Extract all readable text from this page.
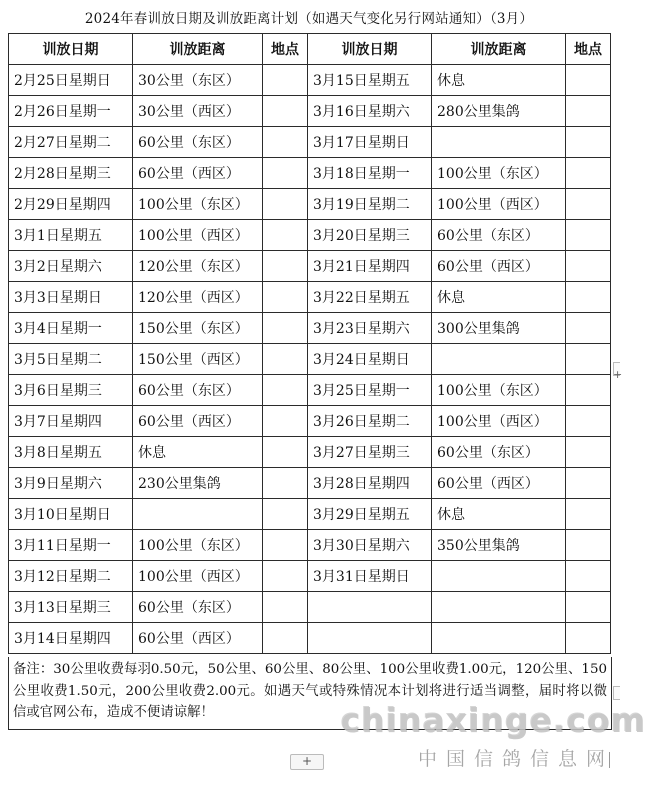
2024年春训放日期及训放距离计划（如遇天气变化另行网站通知）（3月）
训放日期	训放距离	地点	训放日期	训放距离	地点
2月25日星期日	30公里（东区）		3月15日星期五	休息	
2月26日星期一	30公里（西区）		3月16日星期六	280公里集鸽	
2月27日星期二	60公里（东区）		3月17日星期日		
2月28日星期三	60公里（西区）		3月18日星期一	100公里（东区）	
2月29日星期四	100公里（东区）		3月19日星期二	100公里（西区）	
3月1日星期五	100公里（西区）		3月20日星期三	60公里（东区）	
3月2日星期六	120公里（东区）		3月21日星期四	60公里（西区）	
3月3日星期日	120公里（西区）		3月22日星期五	休息	
3月4日星期一	150公里（东区）		3月23日星期六	300公里集鸽	
3月5日星期二	150公里（西区）		3月24日星期日		
3月6日星期三	60公里（东区）		3月25日星期一	100公里（东区）	
3月7日星期四	60公里（西区）		3月26日星期二	100公里（西区）	
3月8日星期五	休息		3月27日星期三	60公里（东区）	
3月9日星期六	230公里集鸽		3月28日星期四	60公里（西区）	
3月10日星期日			3月29日星期五	休息	
3月11日星期一	100公里（东区）		3月30日星期六	350公里集鸽	
3月12日星期二	100公里（西区）		3月31日星期日		
3月13日星期三	60公里（东区）				
3月14日星期四	60公里（西区）				
备注：30公里收费每羽0.50元，50公里、60公里、80公里、100公里收费1.00元，120公里、150公里收费1.50元，200公里收费2.00元。如遇天气或特殊情况本计划将进行适当调整，届时将以微信或官网公布，造成不便请谅解！	chinaxinge.com
中国信鸽信息网
+
+
